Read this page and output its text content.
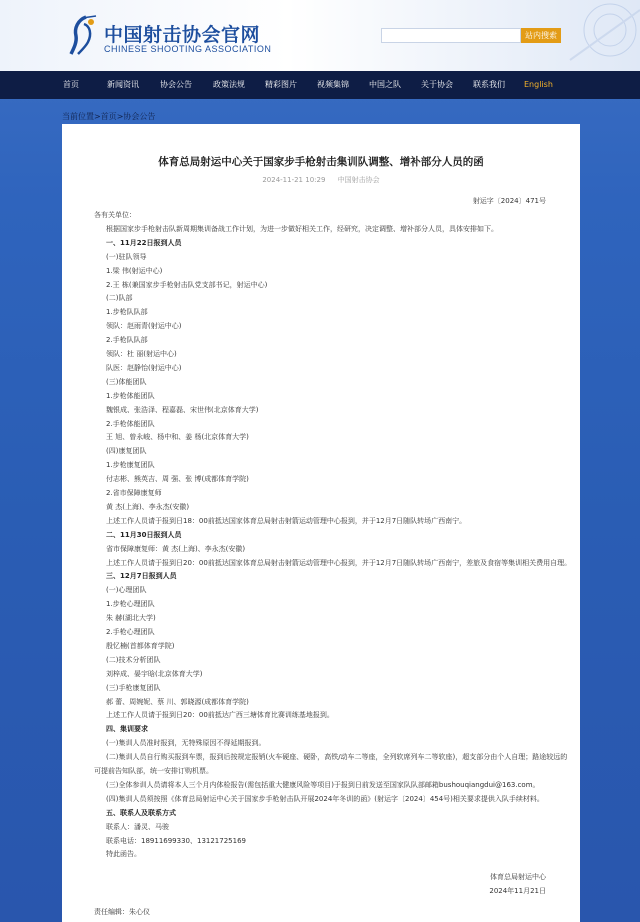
中国射击协会官网
CHINESE SHOOTING ASSOCIATION
站内搜索
首页	新闻资讯	协会公告	政策法规	精彩图片	视频集锦	中国之队	关于协会	联系我们	English
当前位置>首页>协会公告
体育总局射运中心关于国家步手枪射击集训队调整、增补部分人员的函
2024-11-21 10:29 中国射击协会
射运字〔2024〕471号
各有关单位：
根据国家步手枪射击队新周期集训备战工作计划，为进一步做好相关工作，经研究，决定调整、增补部分人员，具体安排如下。
一、11月22日报到人员
(一)驻队领导
1.梁 伟(射运中心)
2.王 栋(兼国家步手枪射击队党支部书记，射运中心)
(二)队部
1.步枪队队部
领队：赵雨青(射运中心)
2.手枪队队部
领队：杜 丽(射运中心)
队医：赵静怡(射运中心)
(三)体能团队
1.步枪体能团队
魏银成、张浩泽、程嘉磊、宋世伟(北京体育大学)
2.手枪体能团队
王 旭、曾永峻、杨中和、姜 杨(北京体育大学)
(四)康复团队
1.步枪康复团队
付志彬、熊英吉、周 强、张 博(成都体育学院)
2.省市保障康复师
黄 杰(上海)、李永杰(安徽)
上述工作人员请于报到日18：00前抵达国家体育总局射击射箭运动管理中心报到，并于12月7日随队转场广西南宁。
二、11月30日报到人员
省市保障康复师：黄 杰(上海)、李永杰(安徽)
上述工作人员请于报到日20：00前抵达国家体育总局射击射箭运动管理中心报到，并于12月7日随队转场广西南宁，差旅及食宿等集训相关费用自理。
三、12月7日报到人员
(一)心理团队
1.步枪心理团队
朱 赫(湖北大学)
2.手枪心理团队
殷忆楠(首都体育学院)
(二)技术分析团队
刘梓成、晏宇晗(北京体育大学)
(三)手枪康复团队
郝 蕾、周婉妮、蔡 川、郭晓源(成都体育学院)
上述工作人员请于报到日20：00前抵达广西三塘体育比赛训练基地报到。
四、集训要求
(一)集训人员准时报到，无特殊原因不得延期报到。
(二)集训人员自行购买报到车票，报到后按规定报销(火车硬座、硬卧，高铁/动车二等座，全列软席列车二等软座)，超支部分由个人自理；路途较远的
可提前告知队部，统一安排订购机票。
(三)全体参训人员请将本人三个月内体检报告(需包括重大健康风险等项目)于报到日前发送至国家队队部邮箱bushouqiangdui@163.com。
(四)集训人员须按照《体育总局射运中心关于国家步手枪射击队开展2024年冬训的函》(射运字〔2024〕454号)相关要求提供入队手续材料。
五、联系人及联系方式
联系人：潘灵、马骏
联系电话：18911699330、13121725169
特此函告。
体育总局射运中心
2024年11月21日
责任编辑：朱心仪
